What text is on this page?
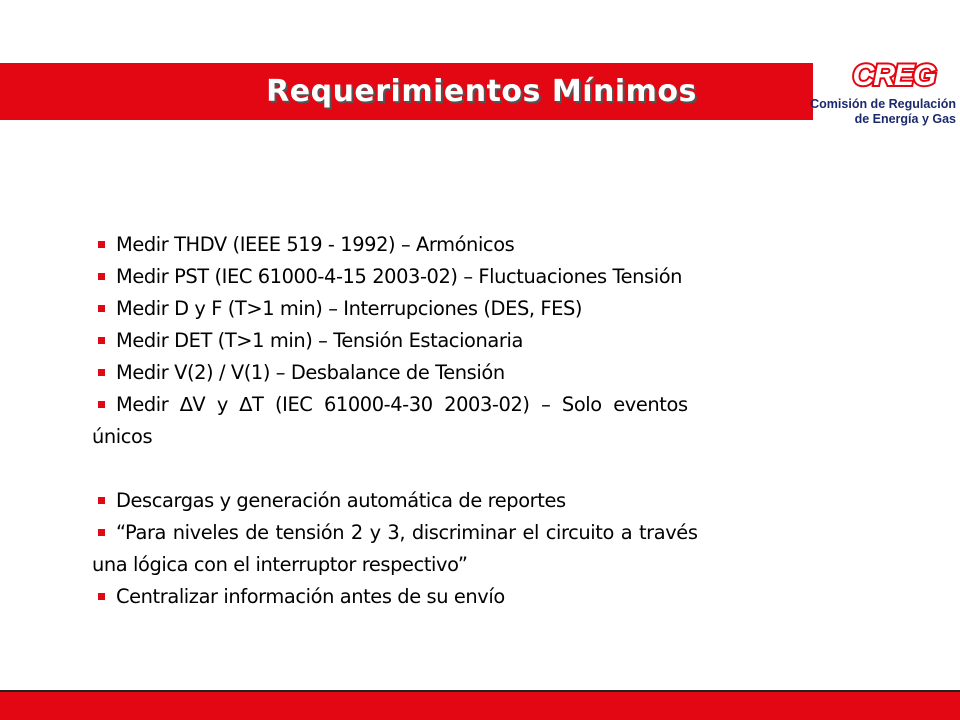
Requerimientos Mínimos	CREG
Comisión de Regulación
de Energía y Gas
Medir THDV (IEEE 519 - 1992) – Armónicos
Medir PST (IEC 61000-4-15 2003-02) – Fluctuaciones Tensión
Medir D y F (T>1 min) – Interrupciones (DES, FES)
Medir DET (T>1 min) – Tensión Estacionaria
Medir V(2) / V(1) – Desbalance de Tensión
Medir  ∆V  y  ∆T  (IEC  61000-4-30  2003-02)  –  Solo  eventos
únicos
Descargas y generación automática de reportes
“Para niveles de tensión 2 y 3, discriminar el circuito a través
una lógica con el interruptor respectivo”
Centralizar información antes de su envío
